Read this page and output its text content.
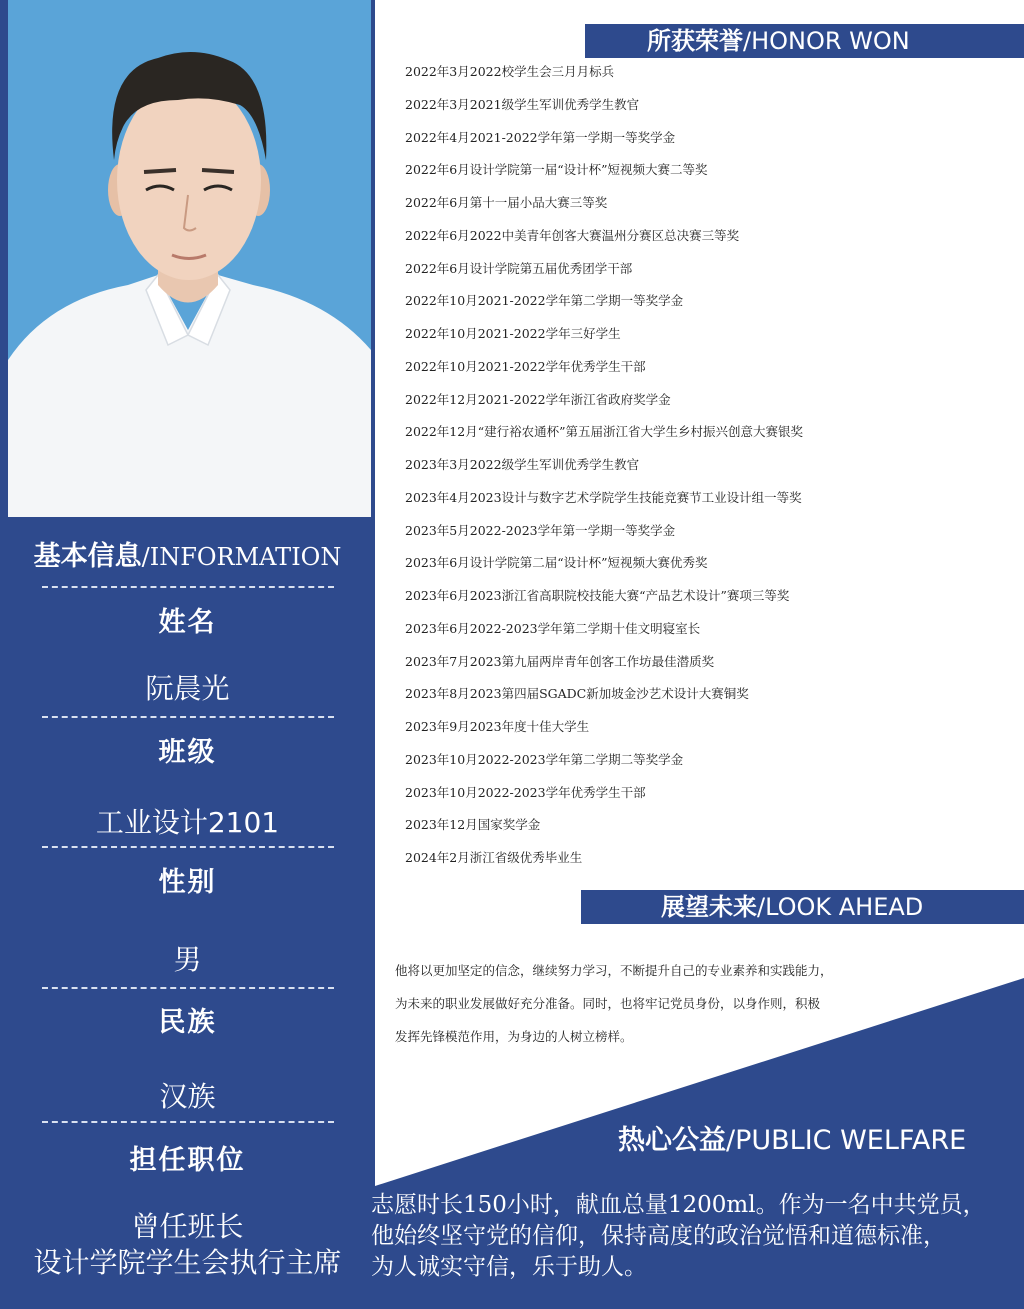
基本信息/INFORMATION
姓名
阮晨光
班级
工业设计2101
性别
男
民族
汉族
担任职位
曾任班长
设计学院学生会执行主席
所获荣誉/HONOR WON
2022年3月2022校学生会三月月标兵
2022年3月2021级学生军训优秀学生教官
2022年4月2021-2022学年第一学期一等奖学金
2022年6月设计学院第一届“设计杯”短视频大赛二等奖
2022年6月第十一届小品大赛三等奖
2022年6月2022中美青年创客大赛温州分赛区总决赛三等奖
2022年6月设计学院第五届优秀团学干部
2022年10月2021-2022学年第二学期一等奖学金
2022年10月2021-2022学年三好学生
2022年10月2021-2022学年优秀学生干部
2022年12月2021-2022学年浙江省政府奖学金
2022年12月“建行裕农通杯”第五届浙江省大学生乡村振兴创意大赛银奖
2023年3月2022级学生军训优秀学生教官
2023年4月2023设计与数字艺术学院学生技能竞赛节工业设计组一等奖
2023年5月2022-2023学年第一学期一等奖学金
2023年6月设计学院第二届“设计杯”短视频大赛优秀奖
2023年6月2023浙江省高职院校技能大赛“产品艺术设计”赛项三等奖
2023年6月2022-2023学年第二学期十佳文明寝室长
2023年7月2023第九届两岸青年创客工作坊最佳潜质奖
2023年8月2023第四届SGADC新加坡金沙艺术设计大赛铜奖
2023年9月2023年度十佳大学生
2023年10月2022-2023学年第二学期二等奖学金
2023年10月2022-2023学年优秀学生干部
2023年12月国家奖学金
2024年2月浙江省级优秀毕业生
展望未来/LOOK AHEAD
他将以更加坚定的信念，继续努力学习，不断提升自己的专业素养和实践能力，
为未来的职业发展做好充分准备。同时，也将牢记党员身份，以身作则，积极
发挥先锋模范作用，为身边的人树立榜样。
热心公益/PUBLIC WELFARE
志愿时长150小时，献血总量1200ml。作为一名中共党员，
他始终坚守党的信仰，保持高度的政治觉悟和道德标准，
为人诚实守信，乐于助人。
